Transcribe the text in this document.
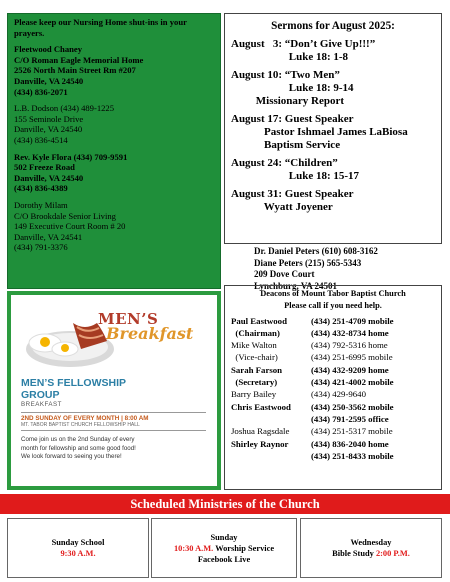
Please keep our Nursing Home shut-ins in your prayers.
Fleetwood Chaney
C/O Roman Eagle Memorial Home
2526 North Main Street Rm #207
Danville, VA 24540
(434) 836-2071
L.B. Dodson (434) 489-1225
155 Seminole Drive
Danville, VA 24540
(434) 836-4514
Rev. Kyle Flora (434) 709-9591
502 Freeze Road
Danville, VA 24540
(434) 836-4389
Dorothy Milam
C/O Brookdale Senior Living
149 Executive Court Room # 20
Danville, VA 24541
(434) 791-3376
Sermons for August 2025:
August   3: “Don’t Give Up!!!”
Luke 18: 1-8
August 10: “Two Men”
Luke 18: 9-14
Missionary Report
August 17: Guest Speaker
Pastor Ishmael James LaBiosa
Baptism Service
August 24: “Children”
Luke 18: 15-17
August 31: Guest Speaker
Wyatt Joyener
Dr. Daniel Peters (610) 608-3162
Diane Peters (215) 565-5343
209 Dove Court
Lynchburg, VA 24501
MEN’S
Breakfast
MEN’S FELLOWSHIP
GROUP
BREAKFAST
2ND SUNDAY OF EVERY MONTH | 8:00 AM
MT. TABOR BAPTIST CHURCH FELLOWSHIP HALL
Come join us on the 2nd Sunday of every
month for fellowship and some good food!
We look forward to seeing you there!
Deacons of Mount Tabor Baptist Church
Please call if you need help.
Paul Eastwood	(434) 251-4709 mobile
(Chairman)	(434) 432-8734 home
Mike Walton	(434) 792-5316 home
(Vice-chair)	(434) 251-6995 mobile
Sarah Farson	(434) 432-9209 home
(Secretary)	(434) 421-4002 mobile
Barry Bailey	(434) 429-9640
Chris Eastwood	(434) 250-3562 mobile
(434) 791-2595 office
Joshua Ragsdale	(434) 251-5317 mobile
Shirley Raynor	(434) 836-2040 home
(434) 251-8433 mobile
Scheduled Ministries of the Church
Sunday School
9:30 A.M.
Sunday
10:30 A.M. Worship Service
Facebook Live
Wednesday
Bible Study 2:00 P.M.
